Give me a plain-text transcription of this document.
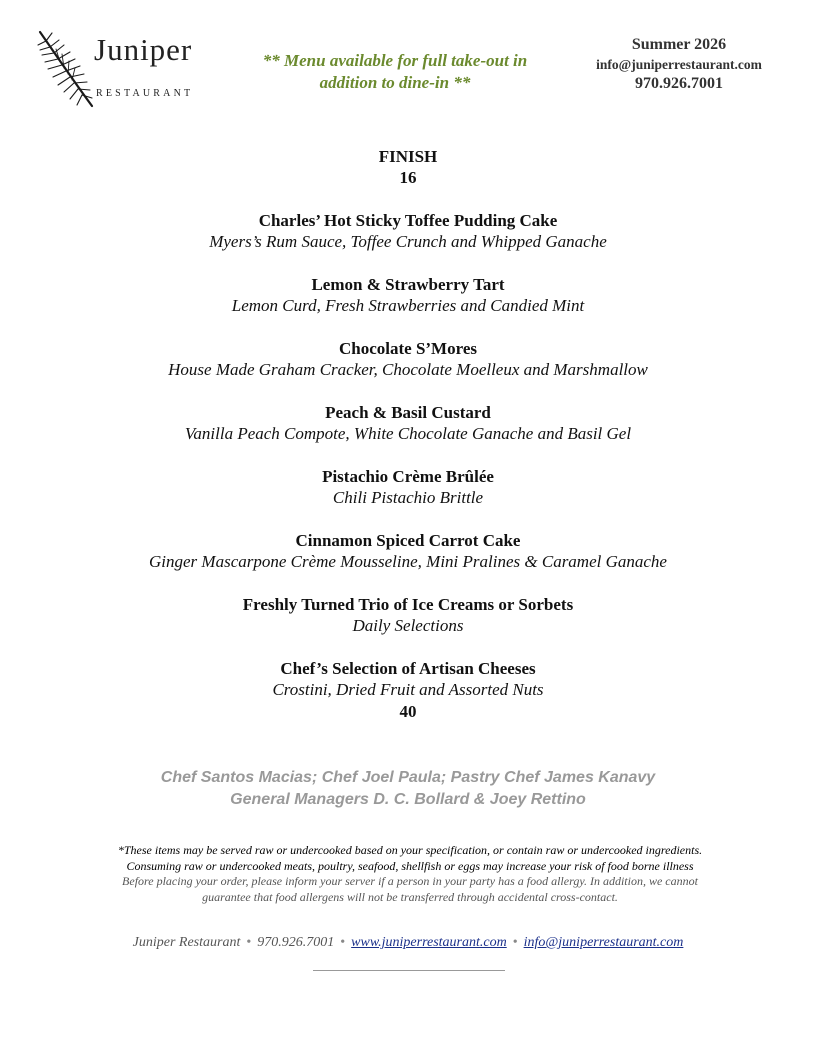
Juniper
RESTAURANT
** Menu available for full take-out in
addition to dine-in **
Summer 2026
info@juniperrestaurant.com
970.926.7001
FINISH
16
Charles’ Hot Sticky Toffee Pudding Cake
Myers’s Rum Sauce, Toffee Crunch and Whipped Ganache
Lemon & Strawberry Tart
Lemon Curd, Fresh Strawberries and Candied Mint
Chocolate S’Mores
House Made Graham Cracker, Chocolate Moelleux and Marshmallow
Peach & Basil Custard
Vanilla Peach Compote, White Chocolate Ganache and Basil Gel
Pistachio Crème Brûlée
Chili Pistachio Brittle
Cinnamon Spiced Carrot Cake
Ginger Mascarpone Crème Mousseline, Mini Pralines & Caramel Ganache
Freshly Turned Trio of Ice Creams or Sorbets
Daily Selections
Chef’s Selection of Artisan Cheeses
Crostini, Dried Fruit and Assorted Nuts
40
Chef Santos Macias; Chef Joel Paula; Pastry Chef James Kanavy
General Managers D. C. Bollard & Joey Rettino
*These items may be served raw or undercooked based on your specification, or contain raw or undercooked ingredients.
Consuming raw or undercooked meats, poultry, seafood, shellfish or eggs may increase your risk of food borne illness
Before placing your order, please inform your server if a person in your party has a food allergy. In addition, we cannot
guarantee that food allergens will not be transferred through accidental cross-contact.
Juniper Restaurant • 970.926.7001 • www.juniperrestaurant.com • info@juniperrestaurant.com
